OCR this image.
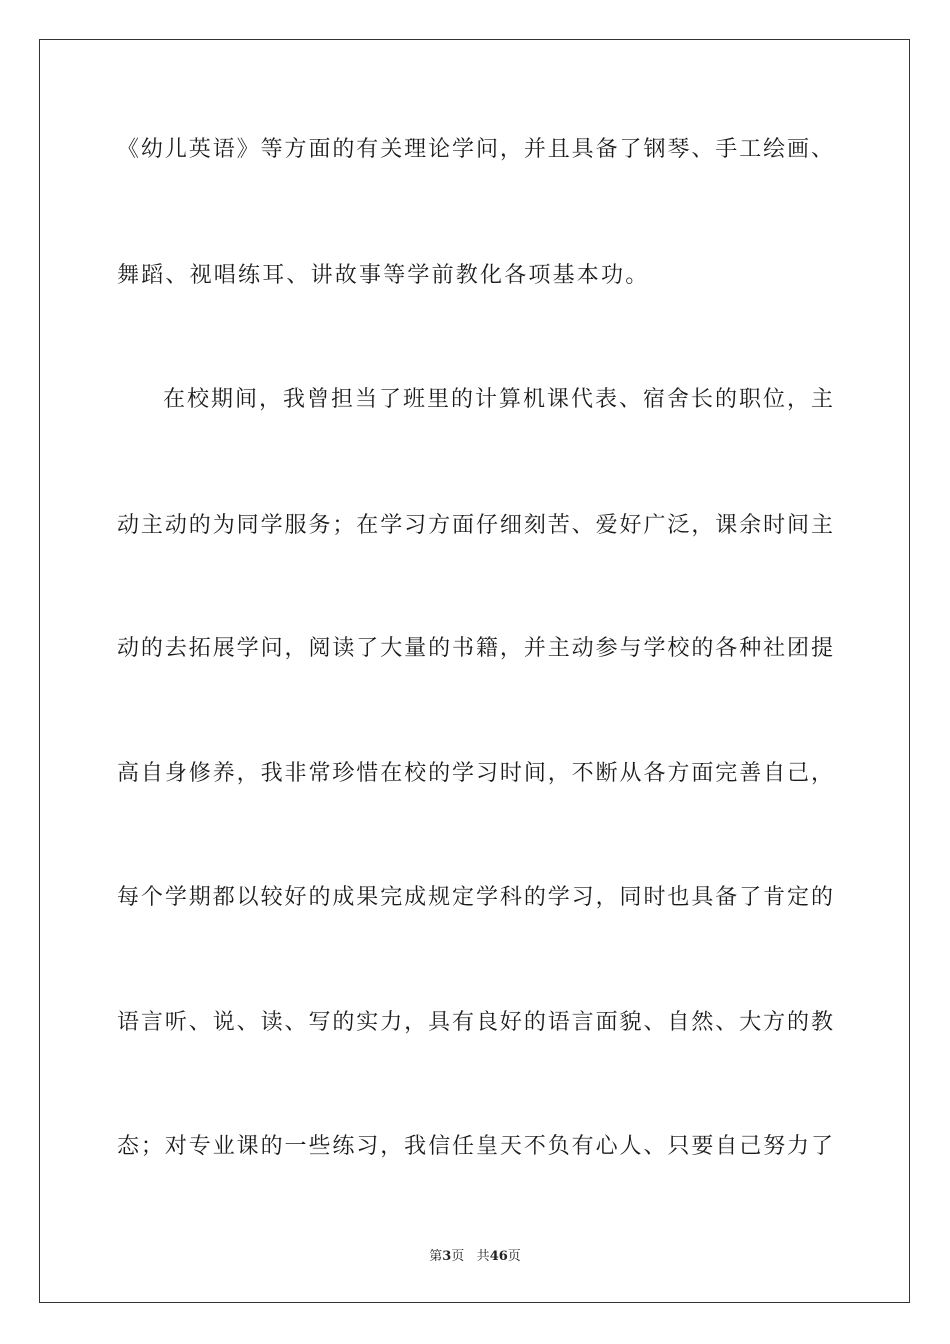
《幼儿英语》等方面的有关理论学问，并且具备了钢琴、手工绘画、
舞蹈、视唱练耳、讲故事等学前教化各项基本功。
在校期间，我曾担当了班里的计算机课代表、宿舍长的职位，主
动主动的为同学服务；在学习方面仔细刻苦、爱好广泛，课余时间主
动的去拓展学问，阅读了大量的书籍，并主动参与学校的各种社团提
高自身修养，我非常珍惜在校的学习时间，不断从各方面完善自己，
每个学期都以较好的成果完成规定学科的学习，同时也具备了肯定的
语言听、说、读、写的实力，具有良好的语言面貌、自然、大方的教
态；对专业课的一些练习，我信任皇天不负有心人、只要自己努力了
第3页 共46页
